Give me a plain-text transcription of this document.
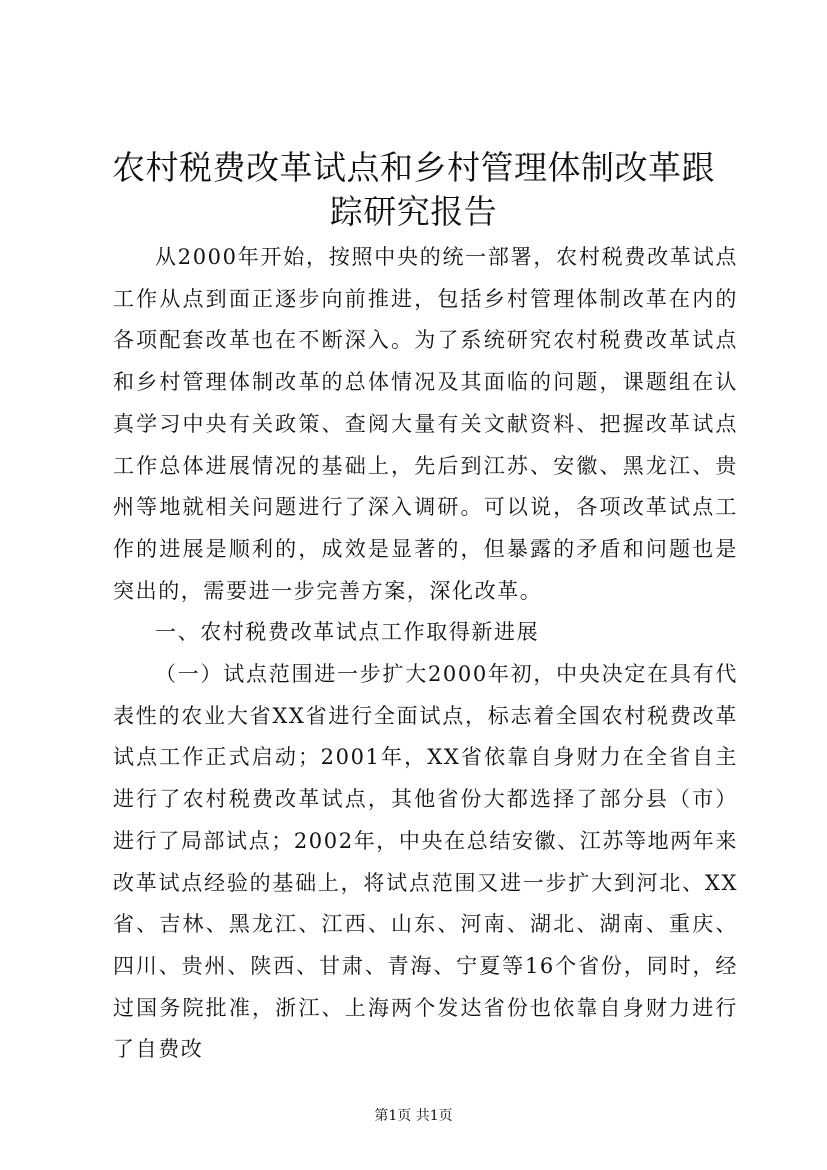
农村税费改革试点和乡村管理体制改革跟踪研究报告

从2000年开始，按照中央的统一部署，农村税费改革试点工作从点到面正逐步向前推进，包括乡村管理体制改革在内的各项配套改革也在不断深入。为了系统研究农村税费改革试点和乡村管理体制改革的总体情况及其面临的问题，课题组在认真学习中央有关政策、查阅大量有关文献资料、把握改革试点工作总体进展情况的基础上，先后到江苏、安徽、黑龙江、贵州等地就相关问题进行了深入调研。可以说，各项改革试点工作的进展是顺利的，成效是显著的，但暴露的矛盾和问题也是突出的，需要进一步完善方案，深化改革。

一、农村税费改革试点工作取得新进展

（一）试点范围进一步扩大2000年初，中央决定在具有代表性的农业大省XX省进行全面试点，标志着全国农村税费改革试点工作正式启动；2001年，XX省依靠自身财力在全省自主进行了农村税费改革试点，其他省份大都选择了部分县（市）进行了局部试点；2002年，中央在总结安徽、江苏等地两年来改革试点经验的基础上，将试点范围又进一步扩大到河北、XX省、吉林、黑龙江、江西、山东、河南、湖北、湖南、重庆、四川、贵州、陕西、甘肃、青海、宁夏等16个省份，同时，经过国务院批准，浙江、上海两个发达省份也依靠自身财力进行了自费改

第1页 共1页
